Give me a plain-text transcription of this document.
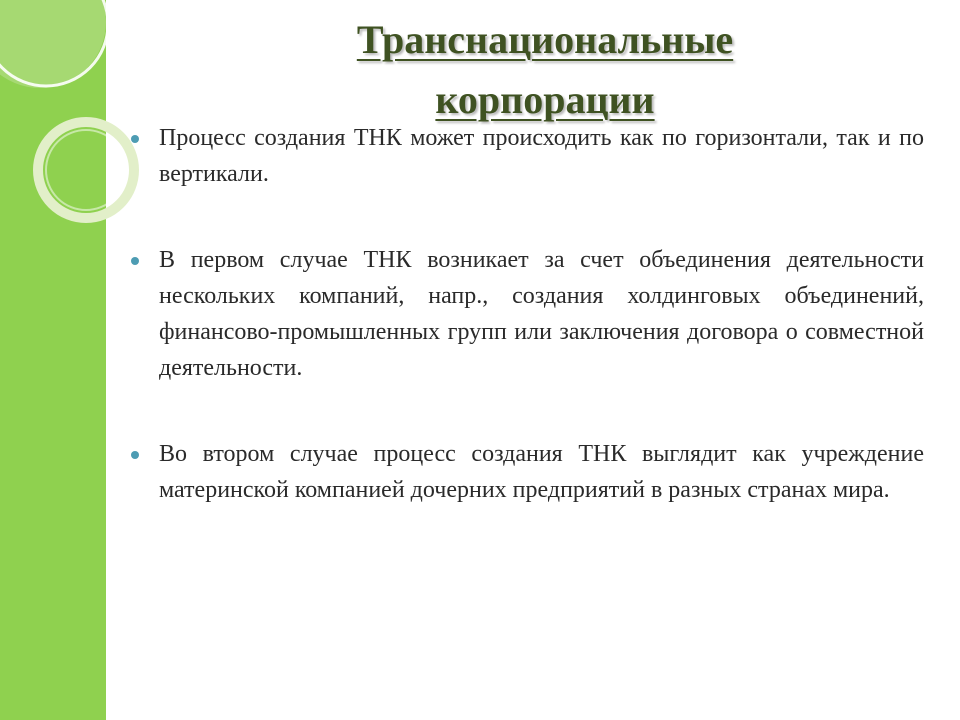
Транснациональные
корпорации
Процесс создания ТНК может происходить как по горизонтали, так и по вертикали.
В первом случае ТНК возникает за счет объединения деятельности нескольких компаний, напр., создания холдинговых объединений, финансово-промышленных групп или заключения договора о совместной деятельности.
Во втором случае процесс создания ТНК выглядит как учреждение материнской компанией дочерних предприятий в разных странах мира.
